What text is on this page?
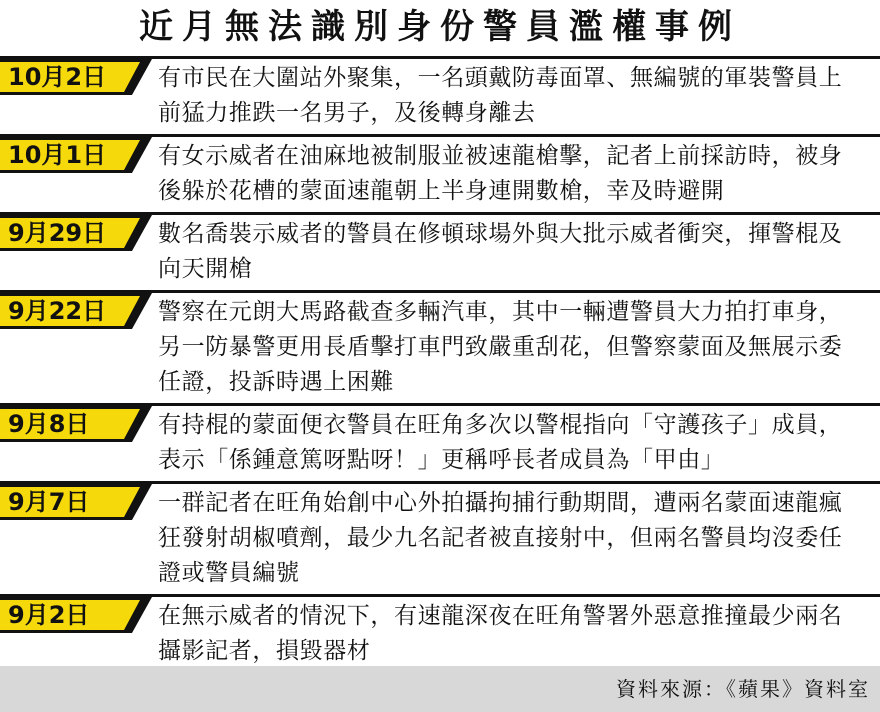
近月無法識別身份警員濫權事例
10月2日 有市民在大圍站外聚集，一名頭戴防毒面罩、無編號的軍裝警員上
前猛力推跌一名男子，及後轉身離去
10月1日 有女示威者在油麻地被制服並被速龍槍擊，記者上前採訪時，被身
後躲於花槽的蒙面速龍朝上半身連開數槍，幸及時避開
9月29日 數名喬裝示威者的警員在修頓球場外與大批示威者衝突，揮警棍及
向天開槍
9月22日 警察在元朗大馬路截查多輛汽車，其中一輛遭警員大力拍打車身，
另一防暴警更用長盾擊打車門致嚴重刮花，但警察蒙面及無展示委
任證，投訴時遇上困難
9月8日	有持棍的蒙面便衣警員在旺角多次以警棍指向「守護孩子」成員，
表示「係鍾意篤呀點呀！」更稱呼長者成員為「甲由」
9月7日	一群記者在旺角始創中心外拍攝拘捕行動期間，遭兩名蒙面速龍瘋
狂發射胡椒噴劑，最少九名記者被直接射中，但兩名警員均沒委任
證或警員編號
9月2日	在無示威者的情況下，有速龍深夜在旺角警署外惡意推撞最少兩名
攝影記者，損毀器材
資料來源：《蘋果》資料室
